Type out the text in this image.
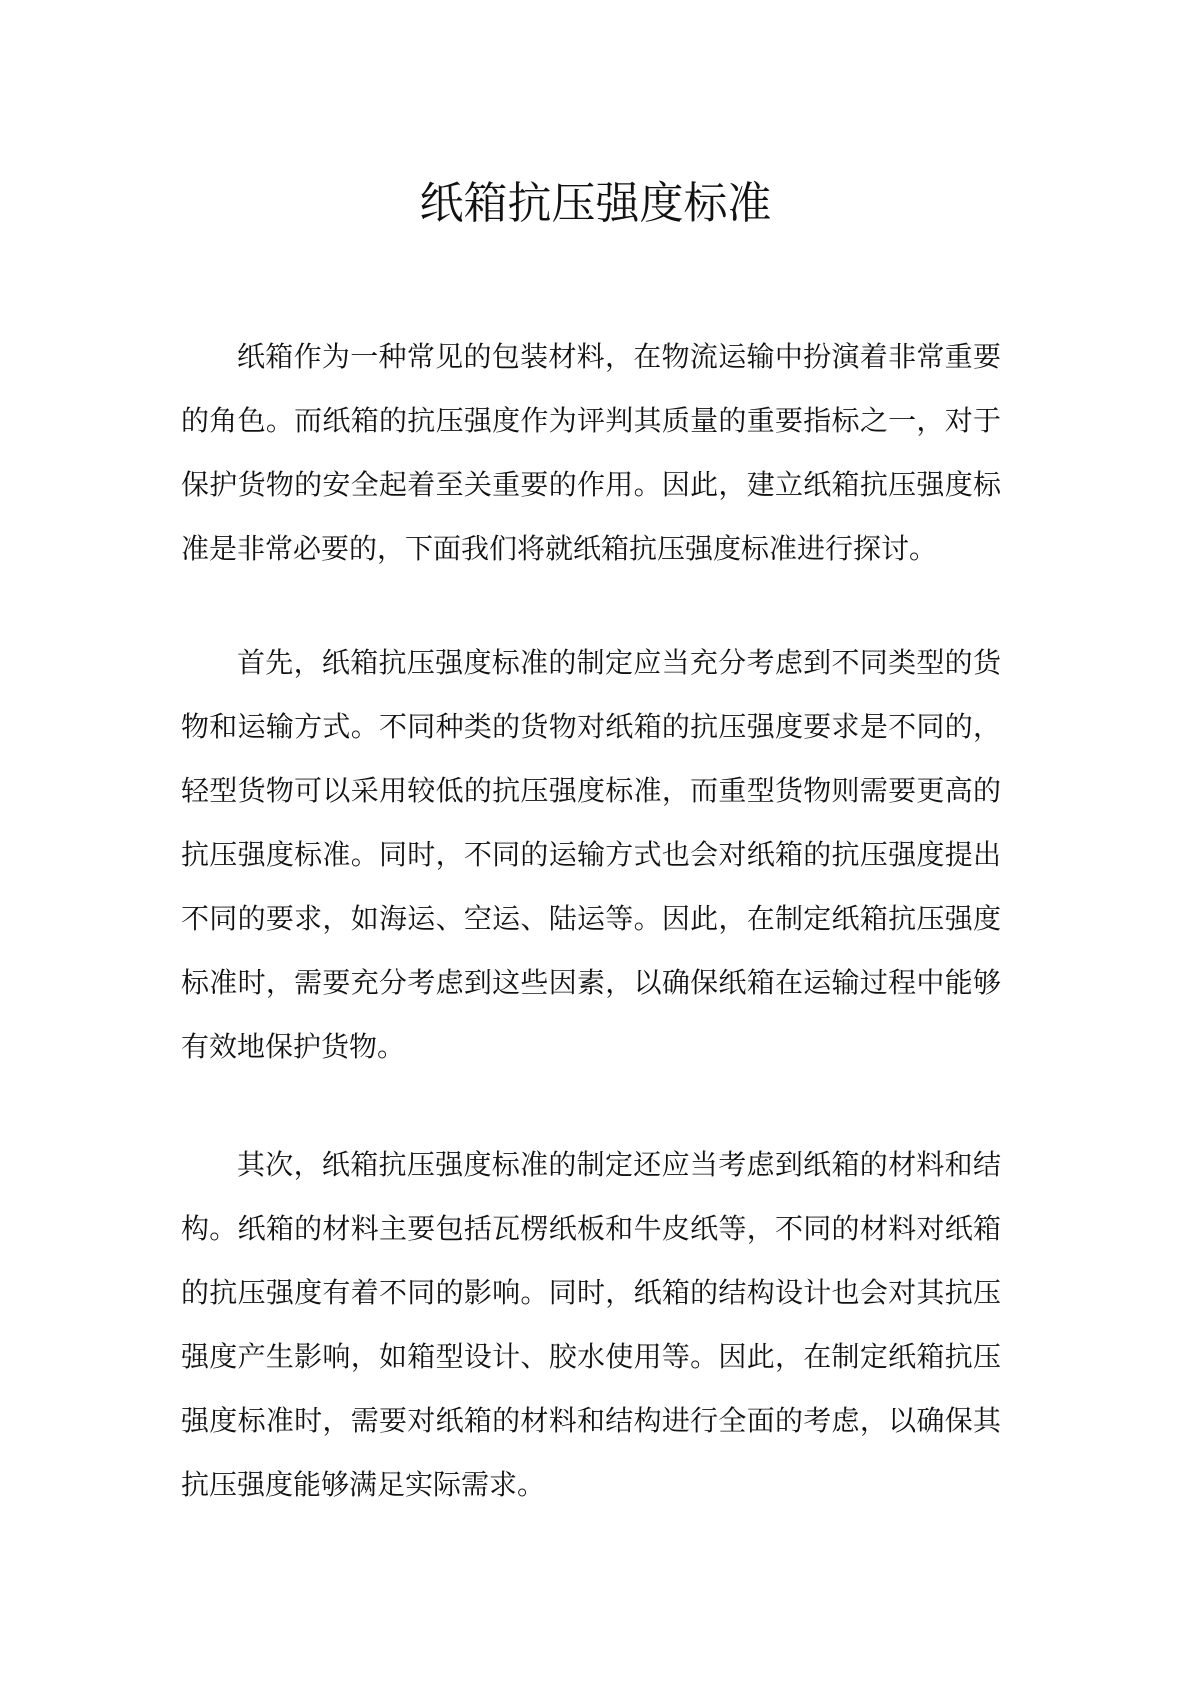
纸箱抗压强度标准

纸箱作为一种常见的包装材料，在物流运输中扮演着非常重要的角色。而纸箱的抗压强度作为评判其质量的重要指标之一，对于保护货物的安全起着至关重要的作用。因此，建立纸箱抗压强度标准是非常必要的，下面我们将就纸箱抗压强度标准进行探讨。

首先，纸箱抗压强度标准的制定应当充分考虑到不同类型的货物和运输方式。不同种类的货物对纸箱的抗压强度要求是不同的，轻型货物可以采用较低的抗压强度标准，而重型货物则需要更高的抗压强度标准。同时，不同的运输方式也会对纸箱的抗压强度提出不同的要求，如海运、空运、陆运等。因此，在制定纸箱抗压强度标准时，需要充分考虑到这些因素，以确保纸箱在运输过程中能够有效地保护货物。

其次，纸箱抗压强度标准的制定还应当考虑到纸箱的材料和结构。纸箱的材料主要包括瓦楞纸板和牛皮纸等，不同的材料对纸箱的抗压强度有着不同的影响。同时，纸箱的结构设计也会对其抗压强度产生影响，如箱型设计、胶水使用等。因此，在制定纸箱抗压强度标准时，需要对纸箱的材料和结构进行全面的考虑，以确保其抗压强度能够满足实际需求。
